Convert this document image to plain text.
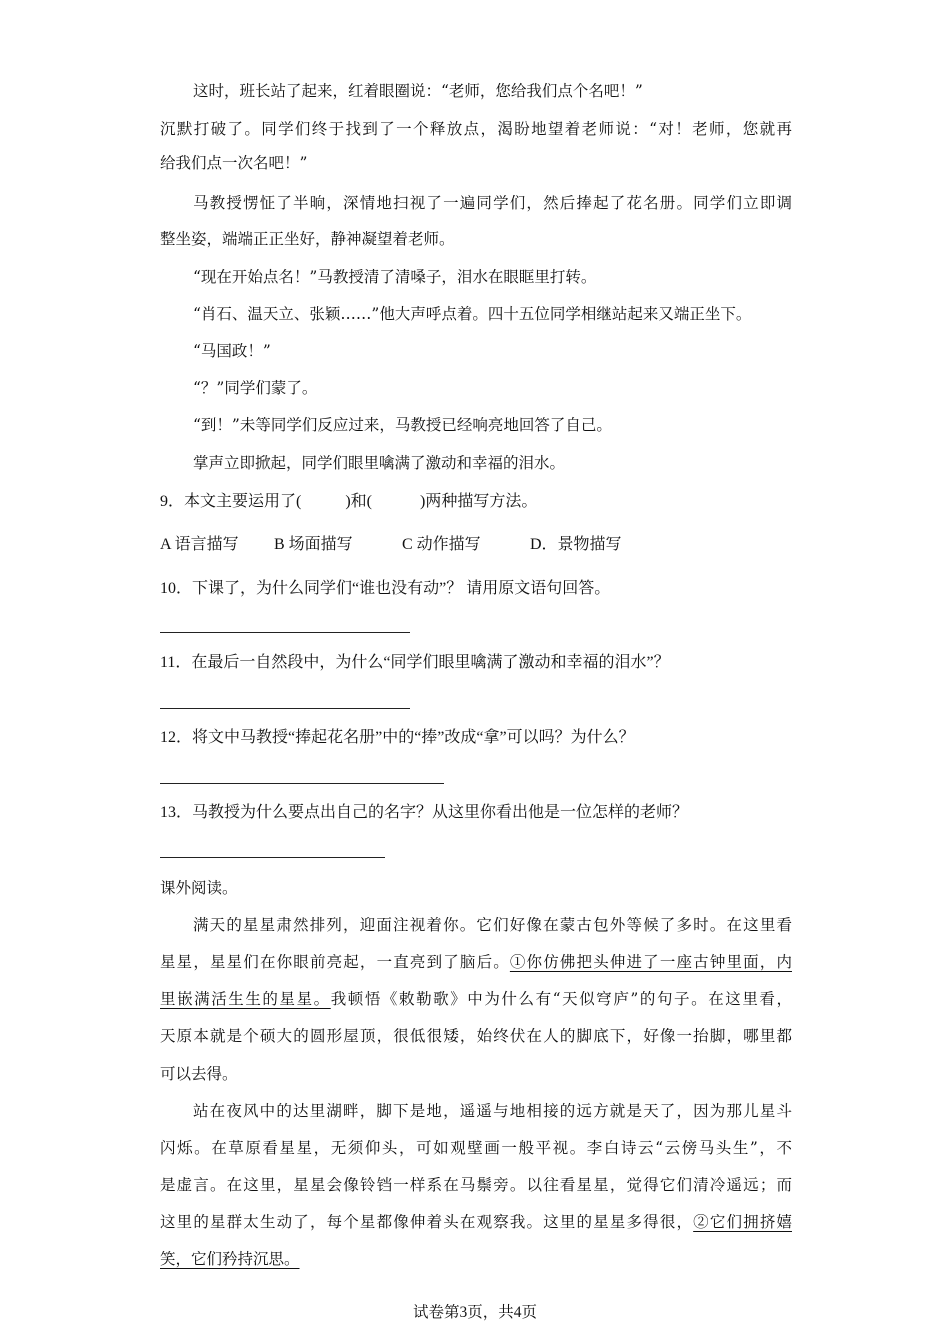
这时，班长站了起来，红着眼圈说：“老师，您给我们点个名吧！”
沉默打破了。同学们终于找到了一个释放点，渴盼地望着老师说：“对！老师，您就再
给我们点一次名吧！”
马教授愣怔了半晌，深情地扫视了一遍同学们，然后捧起了花名册。同学们立即调
整坐姿，端端正正坐好，静神凝望着老师。
“现在开始点名！”马教授清了清嗓子，泪水在眼眶里打转。
“肖石、温天立、张颖……”他大声呼点着。四十五位同学相继站起来又端正坐下。
“马国政！”
“？”同学们蒙了。
“到！”未等同学们反应过来，马教授已经响亮地回答了自己。
掌声立即掀起，同学们眼里噙满了激动和幸福的泪水。
9．本文主要运用了(	)和(	)两种描写方法。
A 语言描写 B 场面描写	C 动作描写	D．景物描写
10．下课了，为什么同学们“谁也没有动”？ 请用原文语句回答。
11．在最后一自然段中，为什么“同学们眼里噙满了激动和幸福的泪水”？
12．将文中马教授“捧起花名册”中的“捧”改成“拿”可以吗？为什么？
13．马教授为什么要点出自己的名字？从这里你看出他是一位怎样的老师？
课外阅读。
满天的星星肃然排列，迎面注视着你。它们好像在蒙古包外等候了多时。在这里看
星星，星星们在你眼前亮起，一直亮到了脑后。①你仿佛把头伸进了一座古钟里面，内
里嵌满活生生的星星。我顿悟《敕勒歌》中为什么有“天似穹庐”的句子。在这里看，
天原本就是个硕大的圆形屋顶，很低很矮，始终伏在人的脚底下，好像一抬脚，哪里都
可以去得。
站在夜风中的达里湖畔，脚下是地，遥遥与地相接的远方就是天了，因为那儿星斗
闪烁。在草原看星星，无须仰头，可如观壁画一般平视。李白诗云“云傍马头生”，不
是虚言。在这里，星星会像铃铛一样系在马鬃旁。以往看星星，觉得它们清冷遥远；而
这里的星群太生动了，每个星都像伸着头在观察我。这里的星星多得很，②它们拥挤嬉
笑，它们矜持沉思。
试卷第3页，共4页
